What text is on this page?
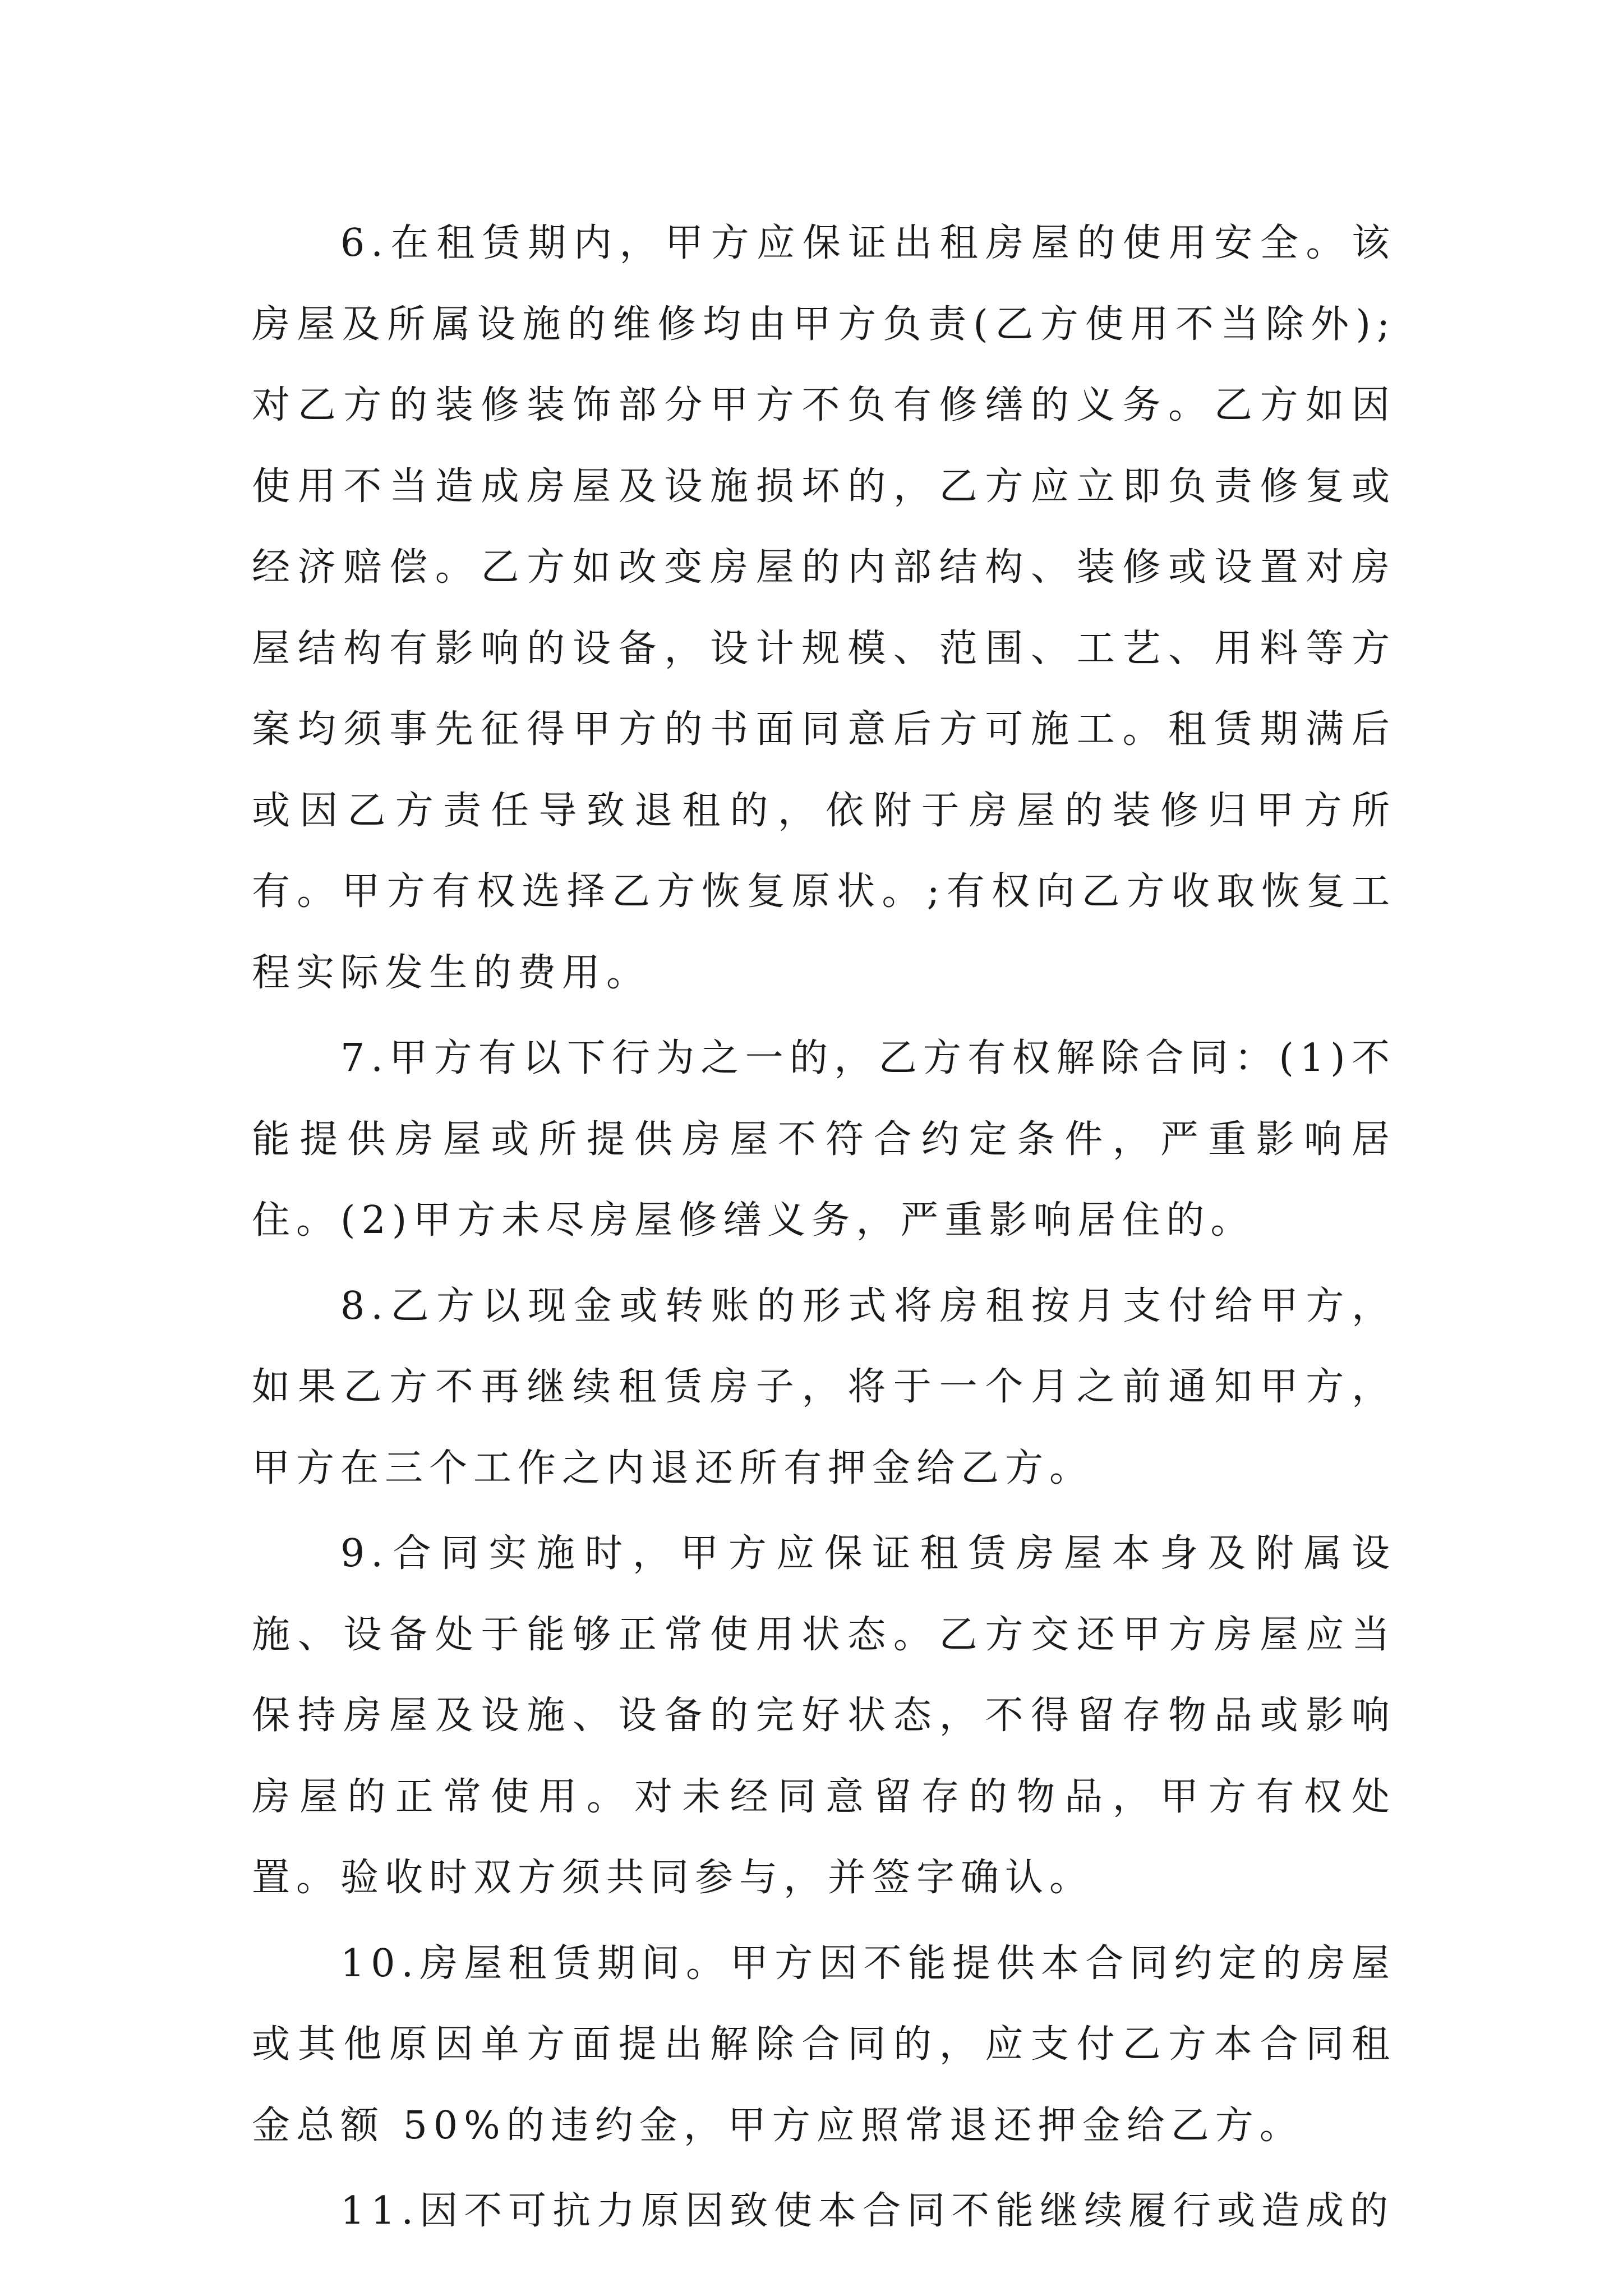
6.在租赁期内，甲方应保证出租房屋的使用安全。该房屋及所属设施的维修均由甲方负责(乙方使用不当除外);对乙方的装修装饰部分甲方不负有修缮的义务。乙方如因使用不当造成房屋及设施损坏的，乙方应立即负责修复或经济赔偿。乙方如改变房屋的内部结构、装修或设置对房屋结构有影响的设备，设计规模、范围、工艺、用料等方案均须事先征得甲方的书面同意后方可施工。租赁期满后或因乙方责任导致退租的，依附于房屋的装修归甲方所有。甲方有权选择乙方恢复原状。;有权向乙方收取恢复工程实际发生的费用。

7.甲方有以下行为之一的，乙方有权解除合同：(1)不能提供房屋或所提供房屋不符合约定条件，严重影响居住。(2)甲方未尽房屋修缮义务，严重影响居住的。

8.乙方以现金或转账的形式将房租按月支付给甲方，如果乙方不再继续租赁房子，将于一个月之前通知甲方，甲方在三个工作之内退还所有押金给乙方。

9.合同实施时，甲方应保证租赁房屋本身及附属设施、设备处于能够正常使用状态。乙方交还甲方房屋应当保持房屋及设施、设备的完好状态，不得留存物品或影响房屋的正常使用。对未经同意留存的物品，甲方有权处置。验收时双方须共同参与，并签字确认。

10.房屋租赁期间。甲方因不能提供本合同约定的房屋或其他原因单方面提出解除合同的，应支付乙方本合同租金总额 50%的违约金，甲方应照常退还押金给乙方。

11.因不可抗力原因致使本合同不能继续履行或造成的
